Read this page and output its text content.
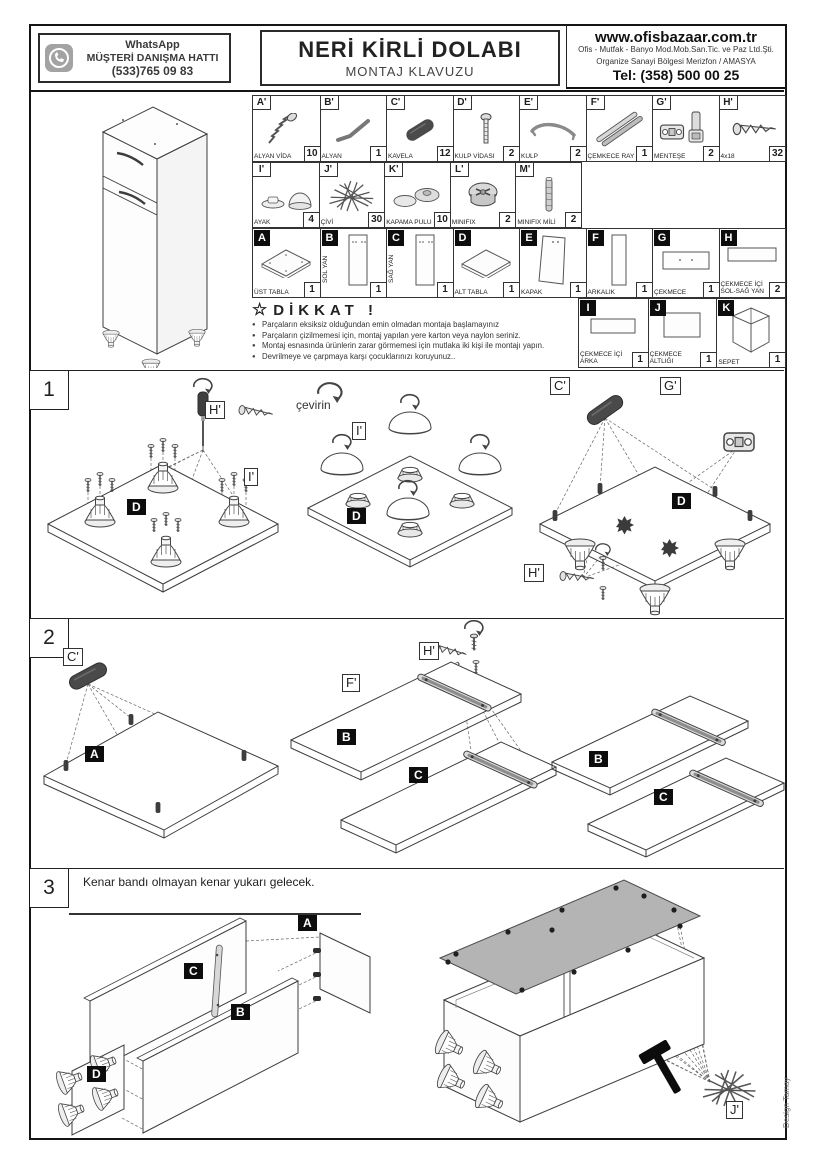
WhatsApp
MÜŞTERİ DANIŞMA HATTI
(533)765 09 83
NERİ KİRLİ DOLABI
MONTAJ KLAVUZU
www.ofisbazaar.com.tr
Ofis - Mutfak - Banyo Mod.Mob.San.Tic. ve Paz Ltd.Şti.
Organize Sanayi Bölgesi Merizfon / AMASYA
Tel: (358) 500 00 25
A'
ALYAN VİDA 10
B'
ALYAN	1
C'
KAVELA	12
D'
KULP VİDASI	2
E'
KULP	2
F'
ÇEMKECE RAY 1
G'
MENTEŞE	2
H'
4x18	32
I'
AYAK	4
J'
ÇİVİ	30
K'
KAPAMA PULU 10
L'
MINIFIX	2
M'
MINIFIX MİLİ	2
A
ÜST TABLA	1
B
SOL YAN
1
C
SAĞ YAN
1
D
ALT TABLA	1
E
KAPAK	1
F
ARKALIK	1
G
ÇEKMECE	1
H
ÇEKMECE İÇİ SOL-SAĞ YAN	2
☆ DİKKAT !
● Parçaların eksiksiz olduğundan emin olmadan montaja başlamayınız
● Parçaların çizilmemesi için, montaj yapılan yere karton veya naylon seriniz.
● Montaj esnasında ürünlerin zarar görmemesi için mutlaka iki kişi ile montajı yapın.
● Devrilmeye ve çarpmaya karşı çocuklarınızı koruyunuz..
I
ÇEKMECE İÇİ ARKA	1
J
ÇEKMECE ALTLIĞI	1
K
SEPET	1
1
2
3	Kenar bandı olmayan kenar yukarı gelecek.
H'
I'
D
çevirin
I'
D
C'	G'
D
H'
C'
A
H'
F'
B
C
B
C
A
C
B
D
J'	Design Tamay
